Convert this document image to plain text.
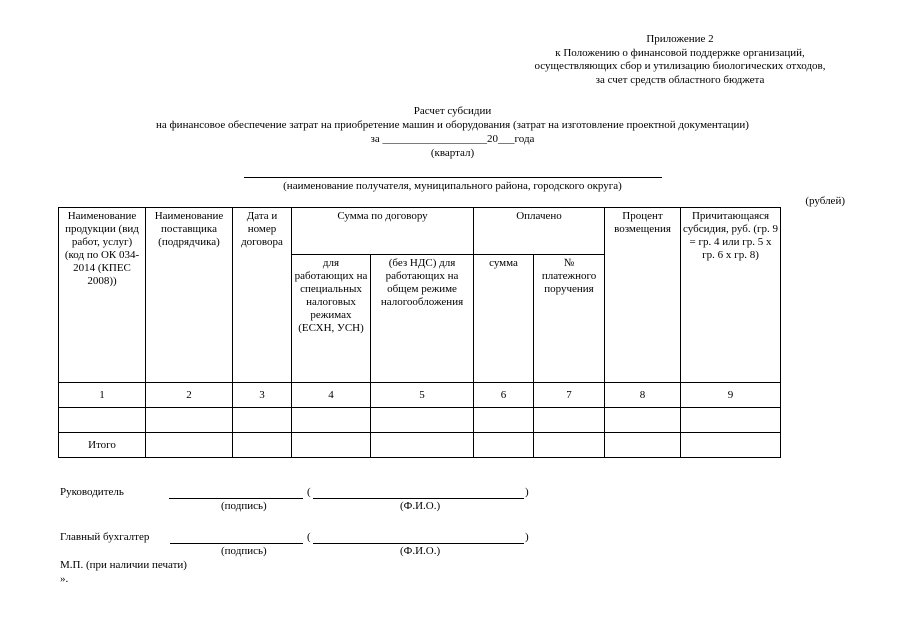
Приложение 2
к Положению о финансовой поддержке организаций,
осуществляющих сбор и утилизацию биологических отходов,
за счет средств областного бюджета
Расчет субсидии
на финансовое обеспечение затрат на приобретение машин и оборудования (затрат на изготовление проектной документации)
за ___________________20___года
(квартал)
(наименование получателя, муниципального района, городского округа)
(рублей)
Наименование продукции (вид работ, услуг) (код по ОК 034-2014 (КПЕС 2008))	Наименование поставщика (подрядчика)	Дата и номер договора	Сумма по договору		Оплачено		Процент возмещения	Причитающаяся субсидия, руб. (гр. 9 = гр. 4 или гр. 5 x гр. 6 x гр. 8)
			для работающих на специальных налоговых режимах (ЕСХН, УСН)	(без НДС) для работающих на общем режиме налогообложения	сумма	№ платежного поручения		
1	2	3	4	5	6	7	8	9

Итого								
Руководитель	(	)
(подпись)	(Ф.И.О.)
Главный бухгалтер	(	)
(подпись)	(Ф.И.О.)
М.П. (при наличии печати)
».
